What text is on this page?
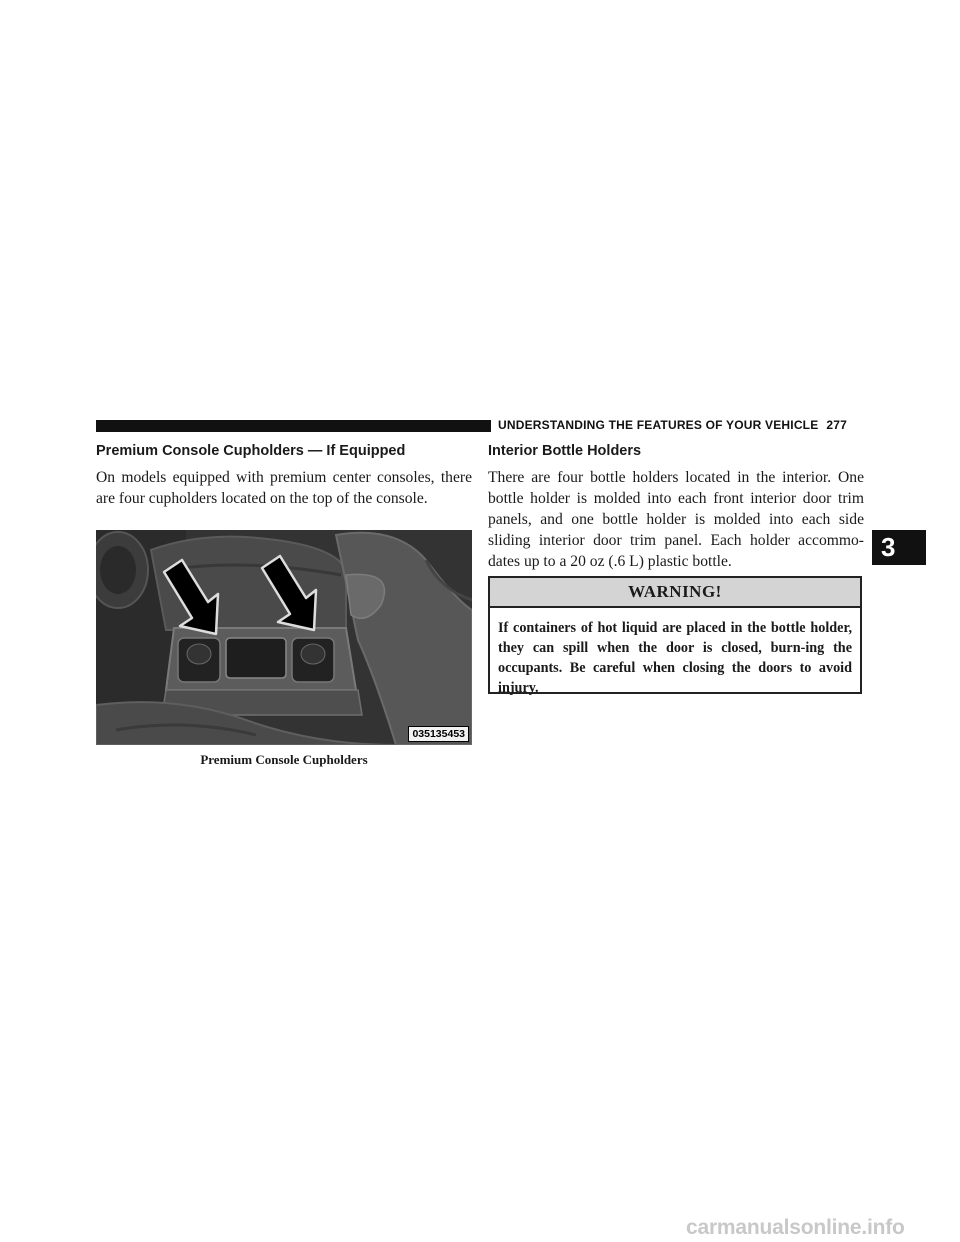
UNDERSTANDING THE FEATURES OF YOUR VEHICLE 277
3
Premium Console Cupholders — If Equipped

On models equipped with premium center consoles, there are four cupholders located on the top of the console.

035135453
Premium Console Cupholders
Interior Bottle Holders

There are four bottle holders located in the interior. One bottle holder is molded into each front interior door trim panels, and one bottle holder is molded into each side sliding interior door trim panel. Each holder accommo-dates up to a 20 oz (.6 L) plastic bottle.

WARNING!

If containers of hot liquid are placed in the bottle holder, they can spill when the door is closed, burn-ing the occupants. Be careful when closing the doors to avoid injury.

carmanualsonline.info
